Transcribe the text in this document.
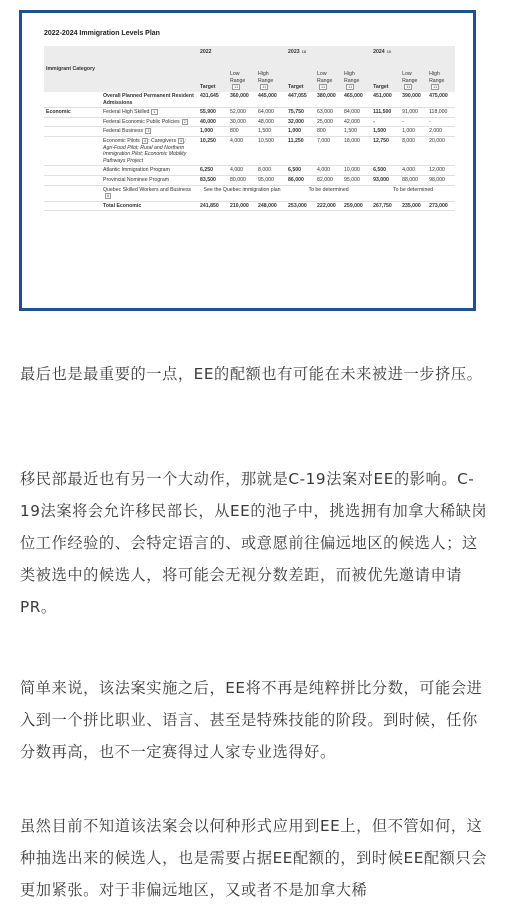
2022-2024 Immigration Levels Plan
Immigrant Category		2022			2023 18			2024 10		
		Target	Low Range 11	High Range 11	Target	Low Range 11	High Range 11	Target	Low Range 11	High Range 11
	Overall Planned Permanent Resident Admissions	431,645	360,000	445,000	447,055	380,000	465,000	451,000	390,000	475,000
Economic	Federal High Skilled 1	55,900	52,000	64,000	75,750	63,000	84,000	111,500	91,000	118,000
	Federal Economic Public Policies 2	40,000	30,000	48,000	32,000	25,000	42,000	-	-	-
	Federal Business 3	1,000	800	1,500	1,000	800	1,500	1,500	1,000	2,000
	Economic Pilots 4 : Caregivers 5 ; Agri-Food Pilot; Rural and Northern Immigration Pilot; Economic Mobility Pathways Project	10,250	4,000	10,500	11,250	7,000	18,000	12,750	8,000	20,000
	Atlantic Immigration Program	6,250	4,000	8,000	6,500	4,000	10,000	6,500	4,000	12,000
	Provincial Nominee Program	83,500	80,000	95,000	86,000	82,000	95,000	93,000	88,000	98,000
	Quebec Skilled Workers and Business6	See the Quebec immigration plan			To be determined			To be determined		
	Total Economic	241,850	210,000	248,000	253,000	222,000	259,000	267,750	235,000	273,000
最后也是最重要的一点，EE的配额也有可能在未来被进一步挤压。
移民部最近也有另一个大动作，那就是C-19法案对EE的影响。C-19法案将会允许移民部长，从EE的池子中，挑选拥有加拿大稀缺岗位工作经验的、会特定语言的、或意愿前往偏远地区的候选人；这类被选中的候选人，将可能会无视分数差距，而被优先邀请申请PR。
简单来说，该法案实施之后，EE将不再是纯粹拼比分数，可能会进入到一个拼比职业、语言、甚至是特殊技能的阶段。到时候，任你分数再高，也不一定赛得过人家专业选得好。
虽然目前不知道该法案会以何种形式应用到EE上，但不管如何，这种抽选出来的候选人，也是需要占据EE配额的，到时候EE配额只会更加紧张。对于非偏远地区，又或者不是加拿大稀
